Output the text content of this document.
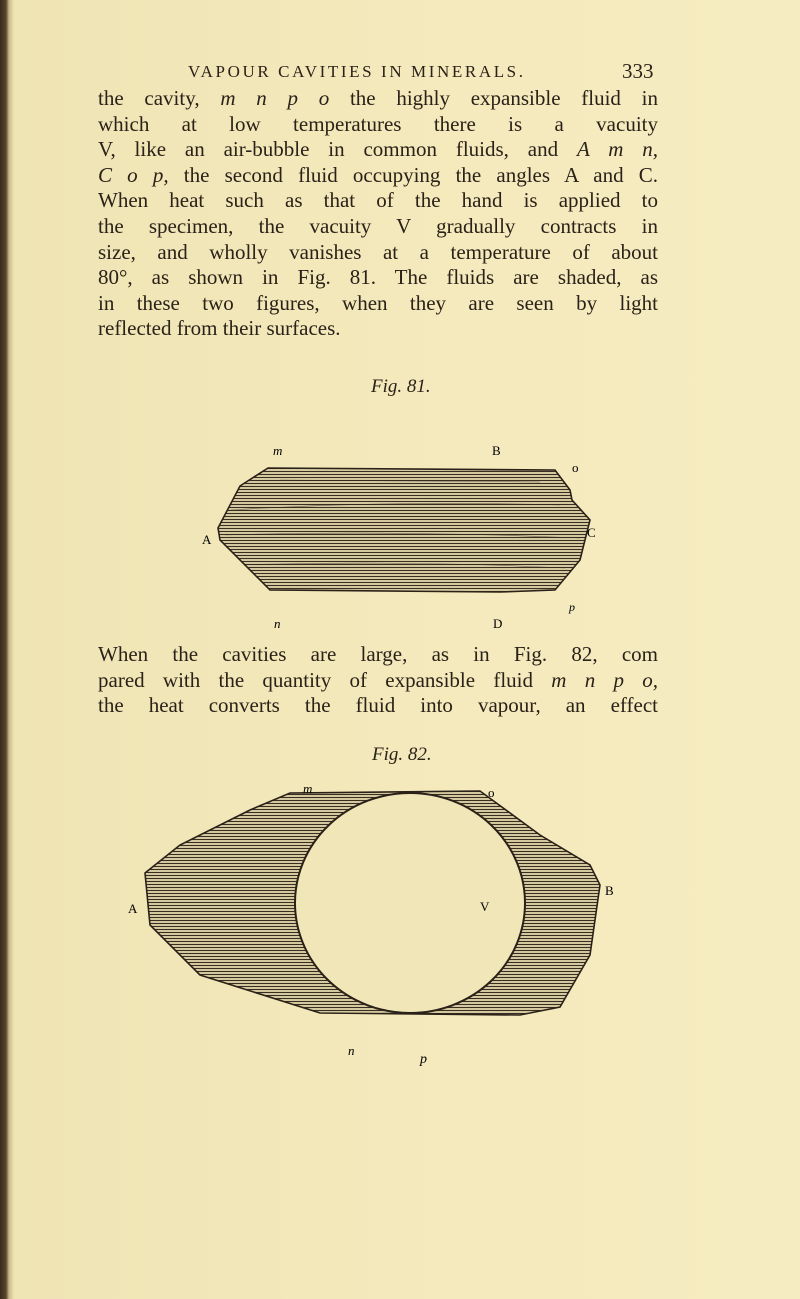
VAPOUR CAVITIES IN MINERALS.	333
the cavity, m n p o the highly expansible fluid in
which at low temperatures there is a vacuity
V, like an air-bubble in common fluids, and A m n,
C o p, the second fluid occupying the angles A and C.
When heat such as that of the hand is applied to
the specimen, the vacuity V gradually contracts in
size, and wholly vanishes at a temperature of about
80°, as shown in Fig. 81. The fluids are shaded, as
in these two figures, when they are seen by light
reflected from their surfaces.
Fig. 81.
m	B
o
C
A
p
n	D
When the cavities are large, as in Fig. 82, com
pared with the quantity of expansible fluid m n p o,
the heat converts the fluid into vapour, an effect
Fig. 82.
m	o
A
B
V
n
p
